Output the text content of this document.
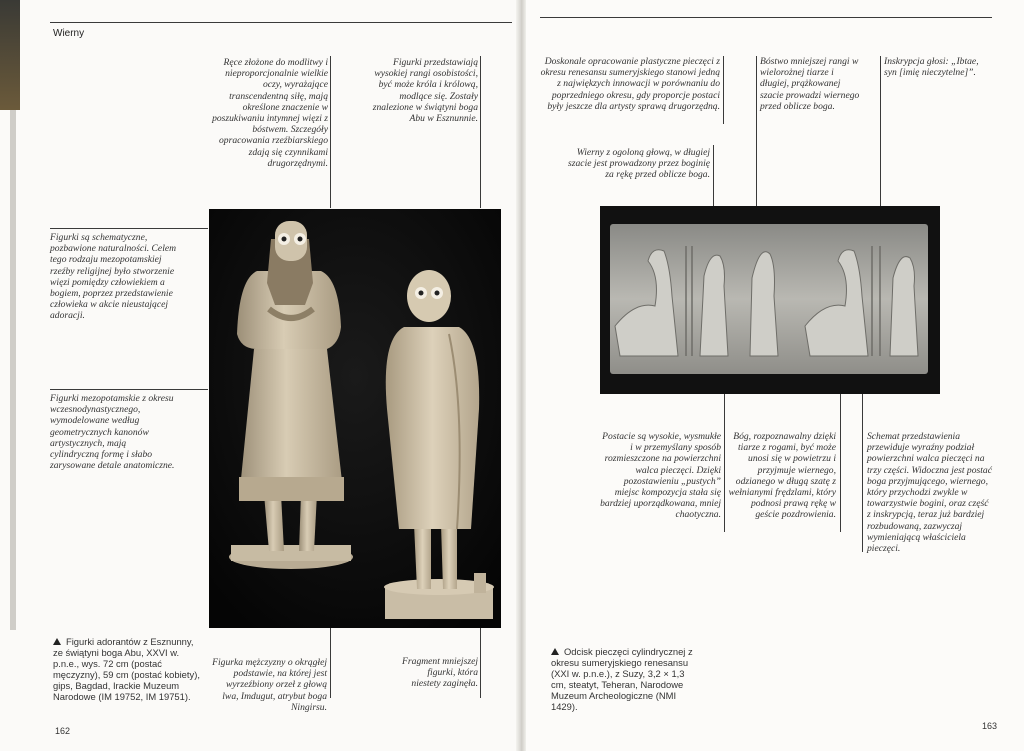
Wierny
Ręce złożone do modlitwy i nieproporcjonalnie wielkie oczy, wyrażające transcendentną siłę, mają określone znaczenie w poszukiwaniu intymnej więzi z bóstwem. Szczegóły opracowania rzeźbiarskiego zdają się czynnikami drugorzędnymi.
Figurki przedstawiają wysokiej rangi osobistości, być może króla i królową, modlące się. Zostały znalezione w świątyni boga Abu w Esznunnie.
Figurki są schematyczne, pozbawione naturalności. Celem tego rodzaju mezopotamskiej rzeźby religijnej było stworzenie więzi pomiędzy człowiekiem a bogiem, poprzez przedstawienie człowieka w akcie nieustającej adoracji.
Figurki mezopotamskie z okresu wczesnodynastycznego, wymodelowane według geometrycznych kanonów artystycznych, mają cylindryczną formę i słabo zarysowane detale anatomiczne.
Figurki adorantów z Esznunny, ze świątyni boga Abu, XXVI w. p.n.e., wys. 72 cm (postać męczyzny), 59 cm (postać kobiety), gips, Bagdad, Irackie Muzeum Narodowe (IM 19752, IM 19751).
Figurka mężczyzny o okrągłej podstawie, na której jest wyrzeźbiony orzeł z głową lwa, Imdugut, atrybut boga Ningirsu.
Fragment mniejszej figurki, która niestety zaginęła.
162
Doskonale opracowanie plastyczne pieczęci z okresu renesansu sumeryjskiego stanowi jedną z najwiękzych innowacji w porównaniu do poprzedniego okresu, gdy proporcje postaci były jeszcze dla artysty sprawą drugorzędną.
Bóstwo mniejszej rangi w wielorożnej tiarze i długiej, prążkowanej szacie prowadzi wiernego przed oblicze boga.
Inskrypcja głosi: „Ibtae, syn [imię nieczytelne]”.
Wierny z ogoloną głową, w długiej szacie jest prowadzony przez boginię za rękę przed oblicze boga.
Postacie są wysokie, wysmukłe i w przemyślany sposób rozmieszczone na powierzchni walca pieczęci. Dzięki pozostawieniu „pustych” miejsc kompozycja stała się bardziej uporządkowana, mniej chaotyczna.
Bóg, rozpoznawalny dzięki tiarze z rogami, być może unosi się w powietrzu i przyjmuje wiernego, odzianego w długą szatę z wełnianymi frędzlami, który podnosi prawą rękę w geście pozdrowienia.
Schemat przedstawienia przewiduje wyraźny podział powierzchni walca pieczęci na trzy części. Widoczna jest postać boga przyjmującego, wiernego, który przychodzi zwykle w towarzystwie bogini, oraz część z inskrypcją, teraz już bardziej rozbudowaną, zazwyczaj wymieniającą właściciela pieczęci.
Odcisk pieczęci cylindrycznej z okresu sumeryjskiego renesansu (XXI w. p.n.e.), z Suzy, 3,2 × 1,3 cm, steatyt, Teheran, Narodowe Muzeum Archeologiczne (NMI 1429).
163
